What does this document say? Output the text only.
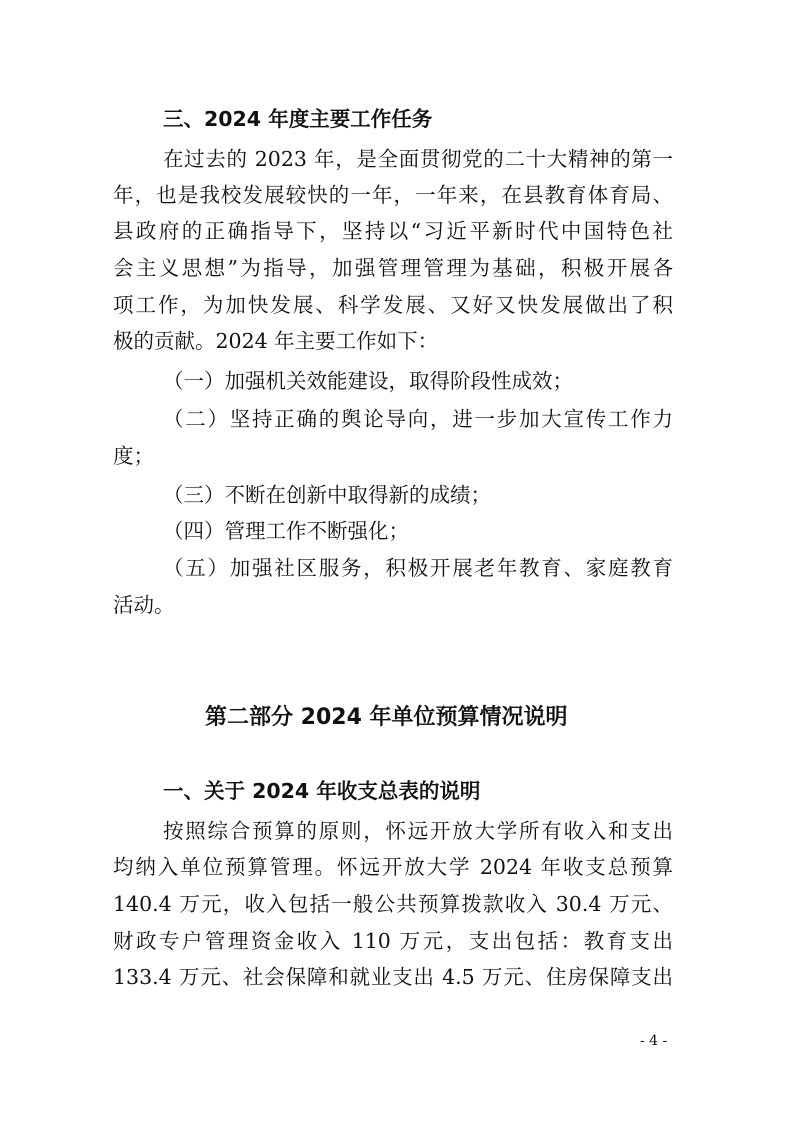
三、2024 年度主要工作任务
在过去的 2023 年，是全面贯彻党的二十大精神的第一
年，也是我校发展较快的一年，一年来，在县教育体育局、
县政府的正确指导下，坚持以“习近平新时代中国特色社
会主义思想”为指导，加强管理管理为基础，积极开展各
项工作，为加快发展、科学发展、又好又快发展做出了积
极的贡献。2024 年主要工作如下：
（一）加强机关效能建设，取得阶段性成效；
（二）坚持正确的舆论导向，进一步加大宣传工作力
度；
（三）不断在创新中取得新的成绩；
（四）管理工作不断强化；
（五）加强社区服务，积极开展老年教育、家庭教育
活动。
第二部分 2024 年单位预算情况说明
一、关于 2024 年收支总表的说明
按照综合预算的原则，怀远开放大学所有收入和支出
均纳入单位预算管理。怀远开放大学 2024 年收支总预算
140.4 万元，收入包括一般公共预算拨款收入 30.4 万元、
财政专户管理资金收入 110 万元，支出包括：教育支出
133.4 万元、社会保障和就业支出 4.5 万元、住房保障支出
- 4 -
